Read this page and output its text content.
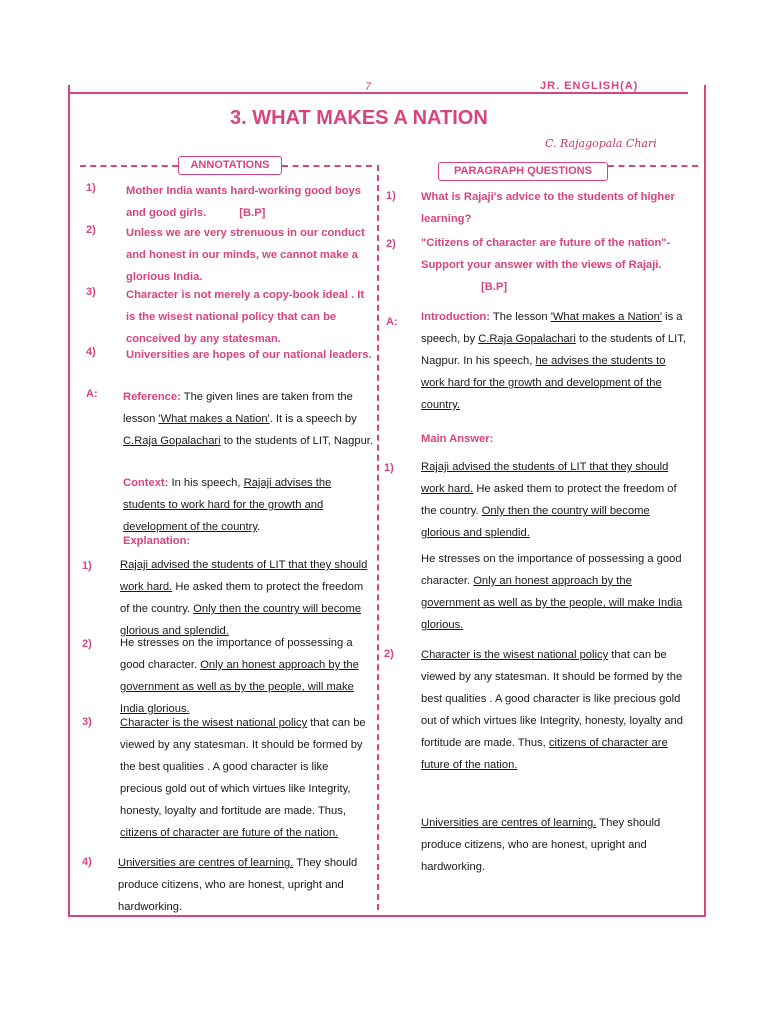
7	JR. ENGLISH(A)
3. WHAT MAKES A NATION
C. Rajagopala Chari
ANNOTATIONS	PARAGRAPH QUESTIONS
1)	Mother India wants hard-working good boys and good girls.	[B.P]
2)	Unless we are very strenuous in our conduct and honest in our minds, we cannot make a glorious India.
3)	Character is not merely a copy-book ideal . It is the wisest national policy that can be conceived by any statesman.
4)	Universities are hopes of our national leaders.
A: Reference: The given lines are taken from the lesson 'What makes a Nation'. It is a speech by C.Raja Gopalachari to the students of LIT, Nagpur.
Context: In his speech, Rajaji advises the students to work hard for the growth and development of the country.
Explanation:
1)	Rajaji advised the students of LIT that they should work hard. He asked them to protect the freedom of the country. Only then the country will become glorious and splendid.
2)	He stresses on the importance of possessing a good character. Only an honest approach by the government as well as by the people, will make India glorious.
3)	Character is the wisest national policy that can be viewed by any statesman. It should be formed by the best qualities . A good character is like precious gold out of which virtues like Integrity, honesty, loyalty and fortitude are made. Thus, citizens of character are future of the nation.
4) Universities are centres of learning. They should produce citizens, who are honest, upright and hardworking.
1) What is Rajaji's advice to the students of higher learning?
2) "Citizens of character are future of the nation"- Support your answer with the views of Rajaji. [B.P]
A: Introduction: The lesson 'What makes a Nation' is a speech, by C.Raja Gopalachari to the students of LIT, Nagpur. In his speech, he advises the students to work hard for the growth and development of the country.
Main Answer:
1) Rajaji advised the students of LIT that they should work hard. He asked them to protect the freedom of the country. Only then the country will become glorious and splendid.
He stresses on the importance of possessing a good character. Only an honest approach by the government as well as by the people, will make India glorious.
2) Character is the wisest national policy that can be viewed by any statesman. It should be formed by the best qualities . A good character is like precious gold out of which virtues like Integrity, honesty, loyalty and fortitude are made. Thus, citizens of character are future of the nation.
Universities are centres of learning. They should produce citizens, who are honest, upright and hardworking.
